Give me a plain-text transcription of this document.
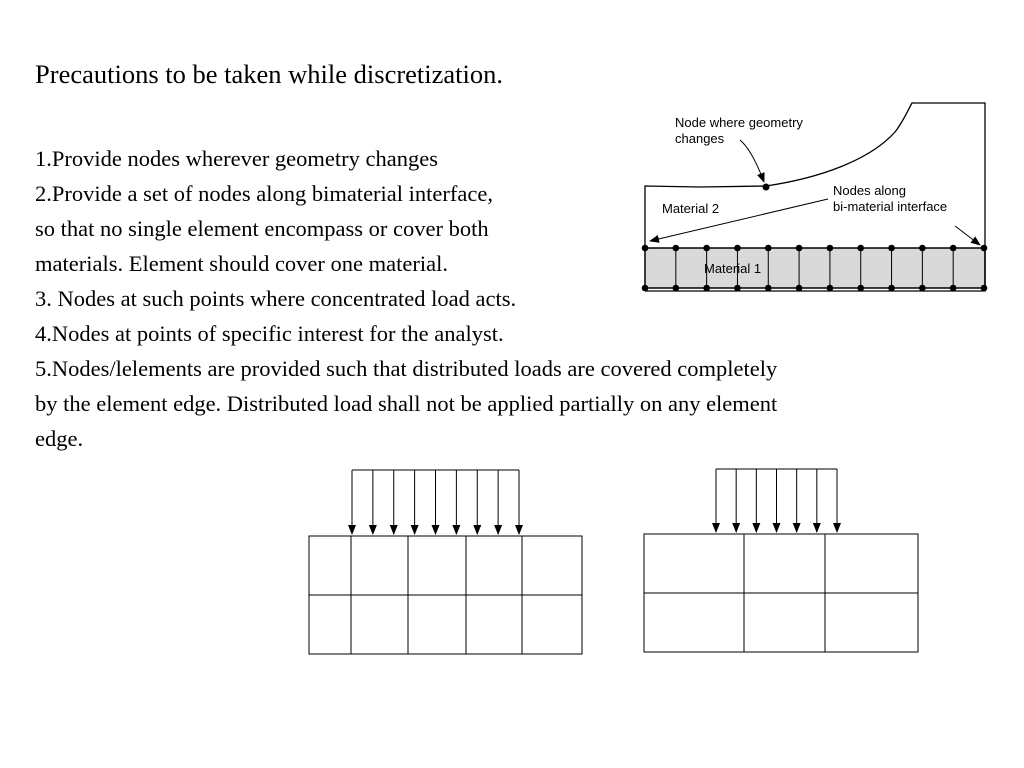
Precautions to be taken while discretization.
1.Provide nodes wherever geometry changes
2.Provide a set of nodes along bimaterial interface,
so that no single element encompass or cover both
materials. Element should cover one material.
3. Nodes at such points where concentrated load acts.
4.Nodes at points of specific interest for the analyst.
5.Nodes/lelements are provided such that distributed loads are covered completely
by the element edge. Distributed load shall not be applied partially on any element
edge.
Node where geometry
changes
Nodes along
bi-material interface
Material 2
Material 1
